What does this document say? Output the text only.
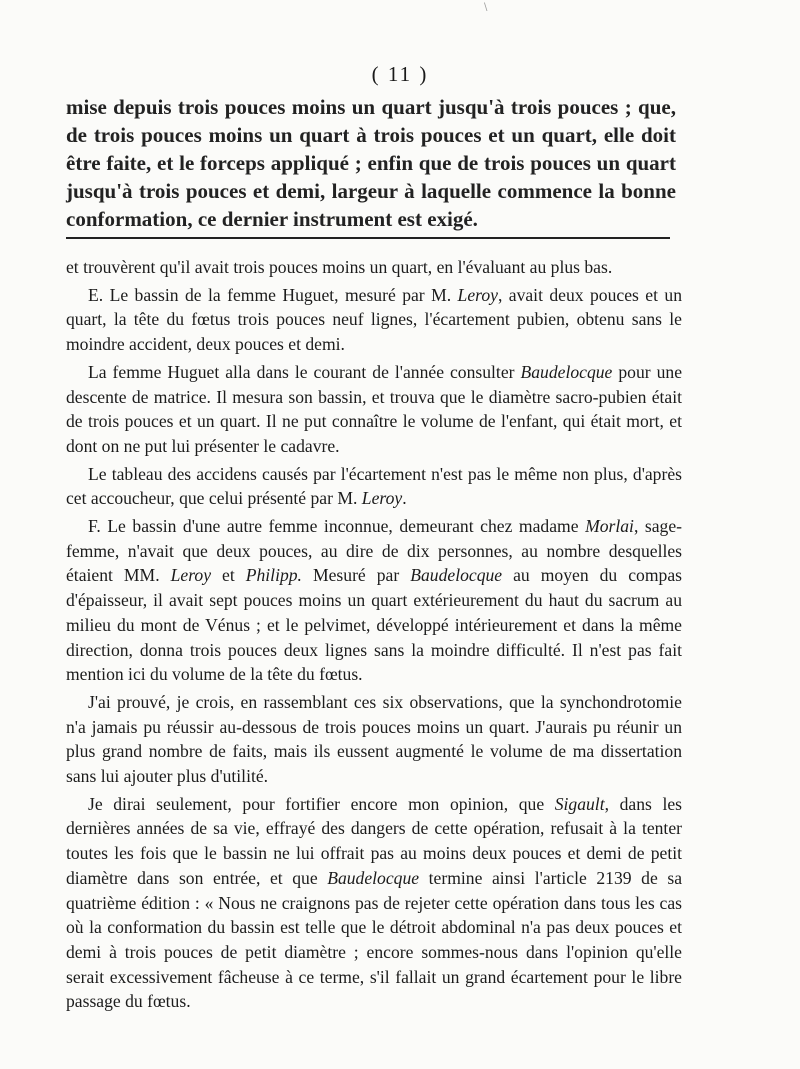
\
( 11 )
mise depuis trois pouces moins un quart jusqu'à trois pouces ; que, de trois pouces moins un quart à trois pouces et un quart, elle doit être faite, et le forceps appliqué ; enfin que de trois pouces un quart jusqu'à trois pouces et demi, largeur à laquelle commence la bonne conformation, ce dernier instrument est exigé.

et trouvèrent qu'il avait trois pouces moins un quart, en l'évaluant au plus bas.

E. Le bassin de la femme Huguet, mesuré par M. Leroy, avait deux pouces et un quart, la tête du fœtus trois pouces neuf lignes, l'écartement pubien, obtenu sans le moindre accident, deux pouces et demi.

La femme Huguet alla dans le courant de l'année consulter Baudelocque pour une descente de matrice. Il mesura son bassin, et trouva que le diamètre sacro-pubien était de trois pouces et un quart. Il ne put connaître le volume de l'enfant, qui était mort, et dont on ne put lui présenter le cadavre.

Le tableau des accidens causés par l'écartement n'est pas le même non plus, d'après cet accoucheur, que celui présenté par M. Leroy.

F. Le bassin d'une autre femme inconnue, demeurant chez madame Morlai, sage-femme, n'avait que deux pouces, au dire de dix personnes, au nombre desquelles étaient MM. Leroy et Philipp. Mesuré par Baudelocque au moyen du compas d'épaisseur, il avait sept pouces moins un quart extérieurement du haut du sacrum au milieu du mont de Vénus ; et le pelvimet, développé intérieurement et dans la même direction, donna trois pouces deux lignes sans la moindre difficulté. Il n'est pas fait mention ici du volume de la tête du fœtus.

J'ai prouvé, je crois, en rassemblant ces six observations, que la synchondrotomie n'a jamais pu réussir au-dessous de trois pouces moins un quart. J'aurais pu réunir un plus grand nombre de faits, mais ils eussent augmenté le volume de ma dissertation sans lui ajouter plus d'utilité.

Je dirai seulement, pour fortifier encore mon opinion, que Sigault, dans les dernières années de sa vie, effrayé des dangers de cette opération, refusait à la tenter toutes les fois que le bassin ne lui offrait pas au moins deux pouces et demi de petit diamètre dans son entrée, et que Baudelocque termine ainsi l'article 2139 de sa quatrième édition : « Nous ne craignons pas de rejeter cette opération dans tous les cas où la conformation du bassin est telle que le détroit abdominal n'a pas deux pouces et demi à trois pouces de petit diamètre ; encore sommes-nous dans l'opinion qu'elle serait excessivement fâcheuse à ce terme, s'il fallait un grand écartement pour le libre passage du fœtus.
